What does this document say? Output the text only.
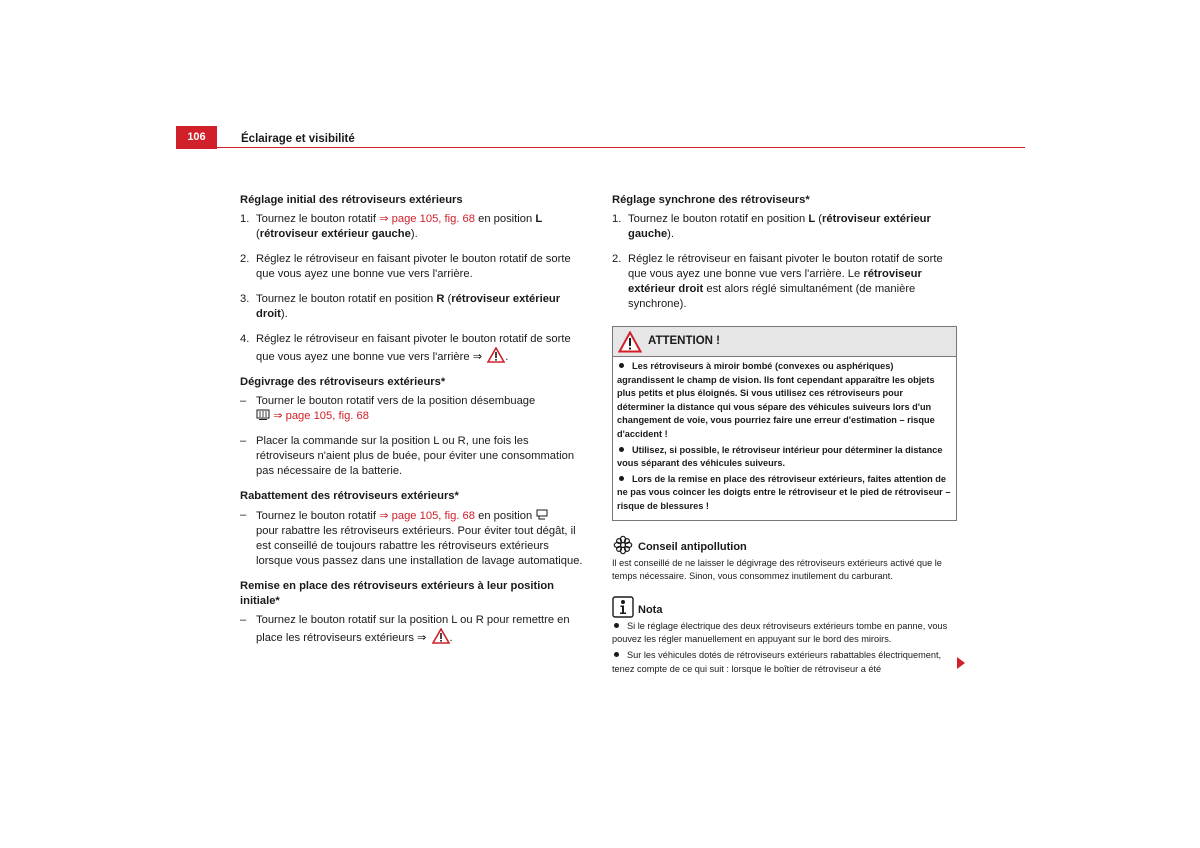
106	Éclairage et visibilité
Réglage initial des rétroviseurs extérieurs
1. Tournez le bouton rotatif ⇒ page 105, fig. 68 en position L
(rétroviseur extérieur gauche).
2. Réglez le rétroviseur en faisant pivoter le bouton rotatif de sorte que vous ayez une bonne vue vers l'arrière.
3. Tournez le bouton rotatif en position R (rétroviseur extérieur droit).
4. Réglez le rétroviseur en faisant pivoter le bouton rotatif de sorte que vous ayez une bonne vue vers l'arrière ⇒ .
Dégivrage des rétroviseurs extérieurs*
– Tourner le bouton rotatif vers de la position désembuage
⇒ page 105, fig. 68
– Placer la commande sur la position L ou R, une fois les rétroviseurs n'aient plus de buée, pour éviter une consommation pas nécessaire de la batterie.
Rabattement des rétroviseurs extérieurs*
– Tournez le bouton rotatif ⇒ page 105, fig. 68 en position
pour rabattre les rétroviseurs extérieurs. Pour éviter tout dégât, il est conseillé de toujours rabattre les rétroviseurs extérieurs lorsque vous passez dans une installation de lavage automatique.
Remise en place des rétroviseurs extérieurs à leur position initiale*
– Tournez le bouton rotatif sur la position L ou R pour remettre en place les rétroviseurs extérieurs ⇒ .
Réglage synchrone des rétroviseurs*
1. Tournez le bouton rotatif en position L (rétroviseur extérieur gauche).
2. Réglez le rétroviseur en faisant pivoter le bouton rotatif de sorte que vous ayez une bonne vue vers l'arrière. Le rétroviseur extérieur droit est alors réglé simultanément (de manière synchrone).
ATTENTION !

Les rétroviseurs à miroir bombé (convexes ou asphériques) agrandissent le champ de vision. Ils font cependant apparaître les objets plus petits et plus éloignés. Si vous utilisez ces rétroviseurs pour déterminer la distance qui vous sépare des véhicules suiveurs lors d'un changement de voie, vous pourriez faire une erreur d'estimation – risque d'accident !

Utilisez, si possible, le rétroviseur intérieur pour déterminer la distance vous séparant des véhicules suiveurs.

Lors de la remise en place des rétroviseur extérieurs, faites attention de ne pas vous coincer les doigts entre le rétroviseur et le pied de rétroviseur – risque de blessures !

Conseil antipollution
Il est conseillé de ne laisser le dégivrage des rétroviseurs extérieurs activé que le temps nécessaire. Sinon, vous consommez inutilement du carburant.
Nota

Si le réglage électrique des deux rétroviseurs extérieurs tombe en panne, vous pouvez les régler manuellement en appuyant sur le bord des miroirs.

Sur les véhicules dotés de rétroviseurs extérieurs rabattables électriquement, tenez compte de ce qui suit : lorsque le boîtier de rétroviseur a été
